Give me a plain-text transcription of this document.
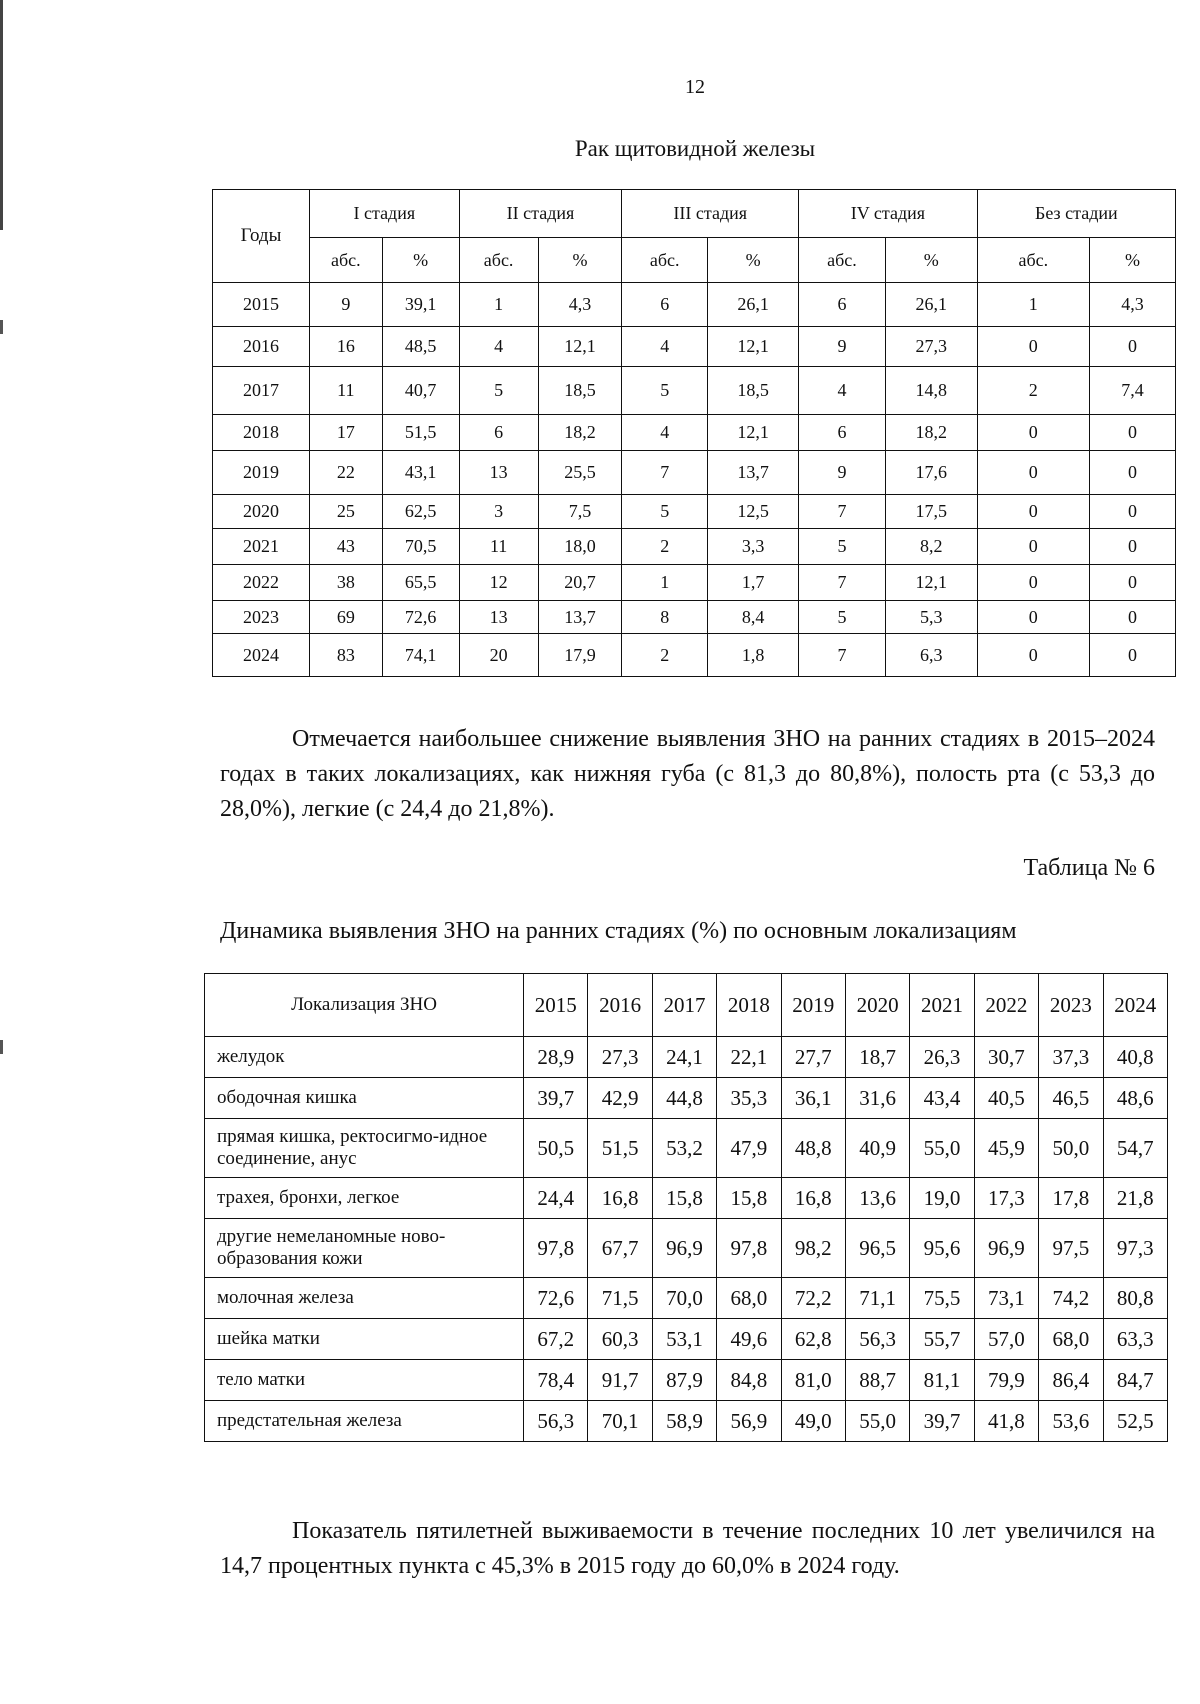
12
Рак щитовидной железы
Годы	I стадия		II стадия		III стадия		IV стадия		Без стадии	
	абс.	%	абс.	%	абс.	%	абс.	%	абс.	%
2015	9	39,1	1	4,3	6	26,1	6	26,1	1	4,3
2016	16	48,5	4	12,1	4	12,1	9	27,3	0	0
2017	11	40,7	5	18,5	5	18,5	4	14,8	2	7,4
2018	17	51,5	6	18,2	4	12,1	6	18,2	0	0
2019	22	43,1	13	25,5	7	13,7	9	17,6	0	0
2020	25	62,5	3	7,5	5	12,5	7	17,5	0	0
2021	43	70,5	11	18,0	2	3,3	5	8,2	0	0
2022	38	65,5	12	20,7	1	1,7	7	12,1	0	0
2023	69	72,6	13	13,7	8	8,4	5	5,3	0	0
2024	83	74,1	20	17,9	2	1,8	7	6,3	0	0
Отмечается наибольшее снижение выявления ЗНО на ранних стадиях в 2015–2024 годах в таких локализациях, как нижняя губа (с 81,3 до 80,8%), полость рта (с 53,3 до 28,0%), легкие (с 24,4 до 21,8%).
Таблица № 6
Динамика выявления ЗНО на ранних стадиях (%) по основным локализациям
Локализация ЗНО	2015	2016	2017	2018	2019	2020	2021	2022	2023	2024
желудок	28,9	27,3	24,1	22,1	27,7	18,7	26,3	30,7	37,3	40,8
ободочная кишка	39,7	42,9	44,8	35,3	36,1	31,6	43,4	40,5	46,5	48,6
прямая кишка, ректосигмо-идное соединение, анус	50,5	51,5	53,2	47,9	48,8	40,9	55,0	45,9	50,0	54,7
трахея, бронхи, легкое	24,4	16,8	15,8	15,8	16,8	13,6	19,0	17,3	17,8	21,8
другие немеланомные ново-образования кожи	97,8	67,7	96,9	97,8	98,2	96,5	95,6	96,9	97,5	97,3
молочная железа	72,6	71,5	70,0	68,0	72,2	71,1	75,5	73,1	74,2	80,8
шейка матки	67,2	60,3	53,1	49,6	62,8	56,3	55,7	57,0	68,0	63,3
тело матки	78,4	91,7	87,9	84,8	81,0	88,7	81,1	79,9	86,4	84,7
предстательная железа	56,3	70,1	58,9	56,9	49,0	55,0	39,7	41,8	53,6	52,5
Показатель пятилетней выживаемости в течение последних 10 лет увеличился на 14,7 процентных пункта с 45,3% в 2015 году до 60,0% в 2024 году.
